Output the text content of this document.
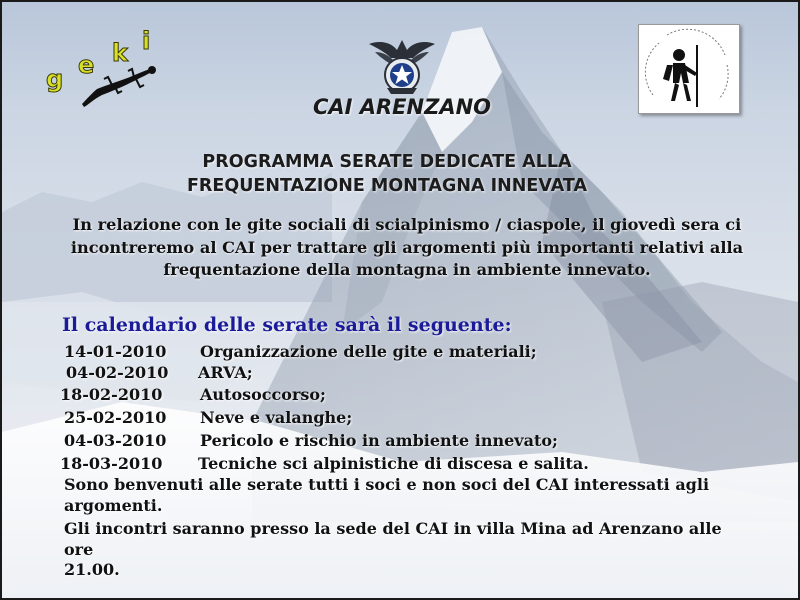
g e k i
CAI ARENZANO
PROGRAMMA SERATE DEDICATE ALLA
FREQUENTAZIONE MONTAGNA INNEVATA
In relazione con le gite sociali di scialpinismo / ciaspole, il giovedì sera ci
incontreremo al CAI per trattare gli argomenti più importanti relativi alla
frequentazione della montagna in ambiente innevato.
Il calendario delle serate sarà il seguente:
14-01-2010 Organizzazione delle gite e materiali;
04-02-2010 ARVA;
18-02-2010 Autosoccorso;
25-02-2010 Neve e valanghe;
04-03-2010 Pericolo e rischio in ambiente innevato;
18-03-2010 Tecniche sci alpinistiche di discesa e salita.
Sono benvenuti alle serate tutti i soci e non soci del CAI interessati agli
argomenti.
Gli incontri saranno presso la sede del CAI in villa Mina ad Arenzano alle ore
21.00.
